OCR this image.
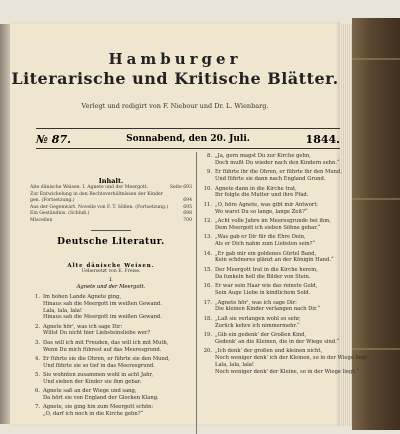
Hamburger
Literarische und Kritische Blätter.
Verlegt und redigirt von F. Niebour und Dr. L. Wienbarg.
№ 87.	Sonnabend, den 20. Juli.	1844.
Inhalt.
Alte dänische Weisen. I. Agnete und der Meergott.	Seite 693
Zur Entwickelung in den Rechtsverhältnissen der Kinder
gen. (Fortsetzung.)	694
Aus der Gegenwart. Novelle von F. T. Söllen. (Fortsetzung.)	695
Ein Geständnis. (Schluß.)	698
Miscellen	700
Deutsche Literatur.
Alte dänische Weisen.
Uebersetzt von E. Freise.
I.
Agnete und der Meergott.
1. Im hohen Lande Agnete ging,
Hinaus sah die Meergott im weißen Gewand.
Lala, lala, lala!
Hinaus sah die Meergott im weißen Gewand.
2. Agnete hör', was ich sage Dir:
Willst Du nicht hier Liebsteinsliebe wer?
3. Das will ich mit Freuden, das will ich mit Muth,
Wenn Du mich führest auf das Meeresgrund.
4. Er führte sie die Ohren, er führte sie den Mund,
Und führte sie so tief in das Meeresgrund.
5. Sie wohnten zusammen wohl in acht Jahr,
Und sieben der Kinder sie ihm gebar.
6. Agnete saß an der Wiege und sang,
Da hört sie von England der Glocken Klang.
7. Agnete, sie ging hin zum Meergott schön:
„O, darf ich noch in die Kirche gehn?“
8. „Ja, gern magst Du zur Kirche gehn,
Doch mußt Du wieder nach den Kindern sehn.“
9. Er führte ihr die Ohren, er führte ihr den Mund,
Und führte sie dann nach England Grund.
10. Agnete dann in die Kirche trat,
Ihr folgte die Mutter und ihre Pfad.
11. „O, höre Agnete, was gibt mir Antwort:
Wo warst Du so lange, lange Zeit?“
12. „Acht volle Jahre im Meeresgrunde bei ihm,
Dem Meergott ich sieben Söhne gebar.“
13. „Was gab er Dir für die Ehre Dein,
Als er Dich nahm zum Liebsten sein?“
14. „Er gab mir ein goldenes Gürtel Band,
Kein schöneres glänzt an der Königin Hand.“
15. Der Meergott trat in die Kirche herein,
Da funkeln hell die Bilder von Stein.
16. Er war sein Haar wie das reinste Gold,
Sein Auge Liebe in kindlichem Sold.
17. „Agnete hör', was ich sage Dir:
Die kleinen Kinder verlangen nach Dir.“
18. „Laß sie verlangen wohl so sehr,
Zurück kehre ich nimmermehr.“
19. „Gib ein gedenk' der Großen Kind,
Gedenk' an die Kleinen, die in der Wiege sind.“
20. „Ich denk' der großen und kleinen nicht,
Noch weniger denk' ich der Kleinen, so in der Wiege liegt.
Lala, lala, lala!
Noch weniger denk' der Kleine, so in der Wiege liegt.“
